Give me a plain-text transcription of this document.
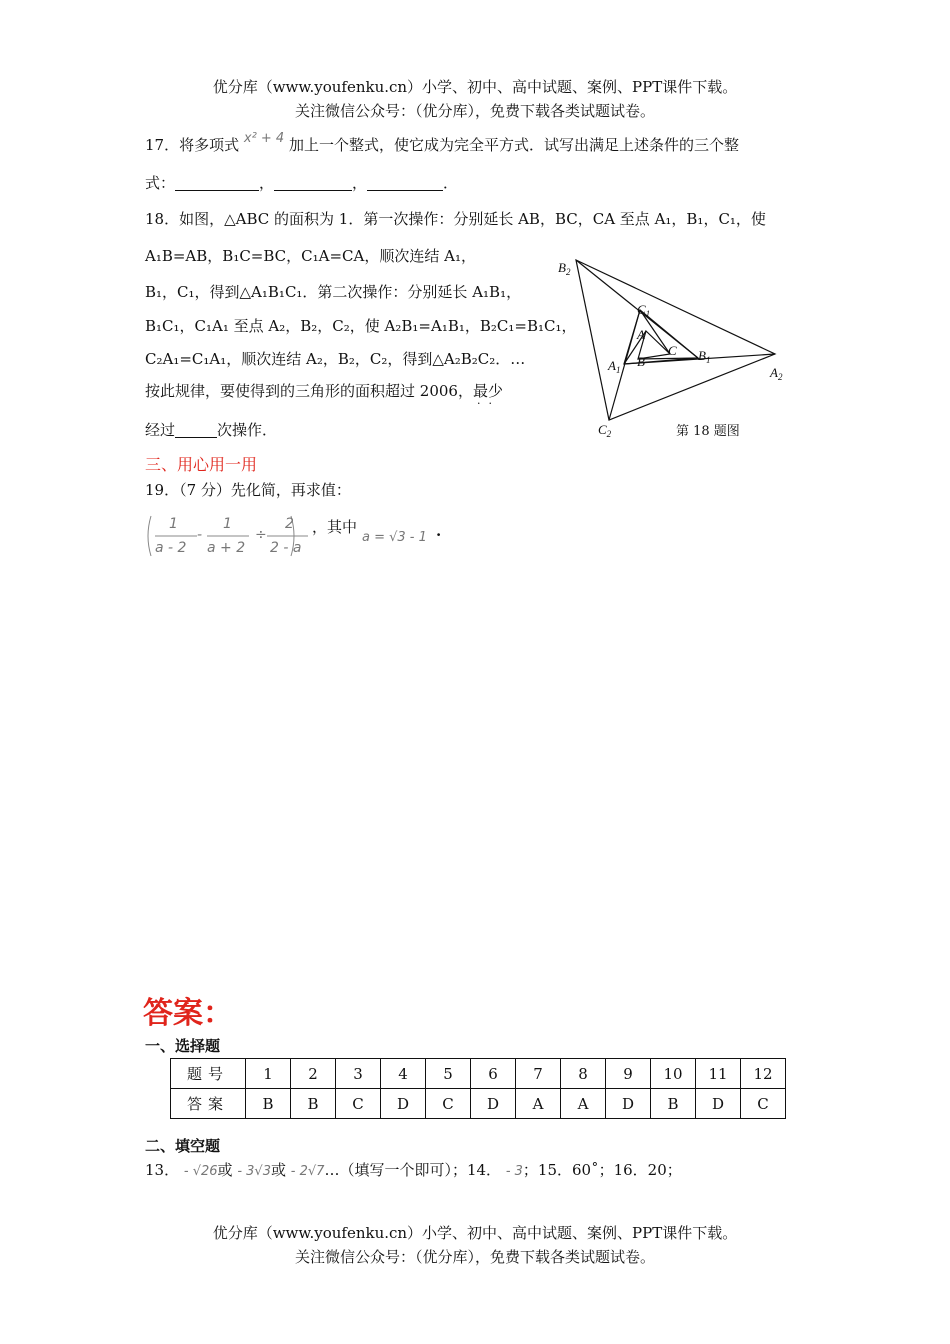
优分库（www.youfenku.cn）小学、初中、高中试题、案例、PPT课件下载。
关注微信公众号：（优分库），免费下载各类试题试卷。
17．将多项式 x² + 4 加上一个整式，使它成为完全平方式．试写出满足上述条件的三个整
式：	，	，	．
18．如图，△ABC 的面积为 1．第一次操作：分别延长 AB，BC，CA 至点 A₁，B₁，C₁，使
A₁B=AB，B₁C=BC，C₁A=CA，顺次连结 A₁，
B₁，C₁，得到△A₁B₁C₁．第二次操作：分别延长 A₁B₁，
B₁C₁，C₁A₁ 至点 A₂，B₂，C₂，使 A₂B₁=A₁B₁，B₂C₁=B₁C₁，
C₂A₁=C₁A₁，顺次连结 A₂，B₂，C₂，得到△A₂B₂C₂．…
按此规律，要使得到的三角形的面积超过 2006，最少
··
经过	次操作．
$B_2$
$C_1$
A
C $B_1$
$A_1$
B
$A_2$
$C_2$	第 18 题图
三、用心用一用
19．（7 分）先化简，再求值：
1
a - 2
-
1
a + 2
÷
2
2 - a
，其中
a = √3 - 1 .
答案：
一、选择题
题号	1	2	3	4	5	6	7	8	9	10	11	12
答案	B	B	C	D	C	D	A	A	D	B	D	C
二、填空题
13． - √26或 - 3√3或 - 2√7…（填写一个即可）；14． - 3；15．60˚；16．20；
优分库（www.youfenku.cn）小学、初中、高中试题、案例、PPT课件下载。
关注微信公众号：（优分库），免费下载各类试题试卷。
